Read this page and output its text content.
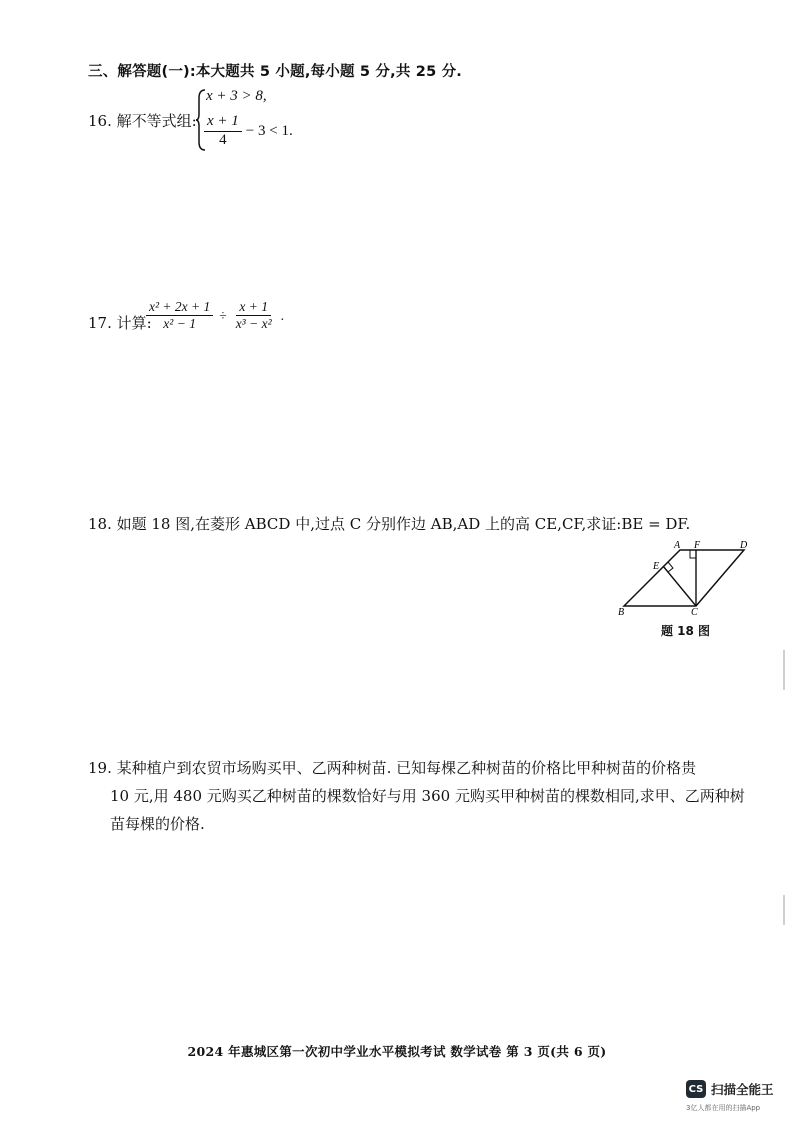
三、解答题(一):本大题共 5 小题,每小题 5 分,共 25 分.
16. 解不等式组:
x + 3 > 8,
$\frac{x + 1}{4} - 3 < 1$.
17. 计算:
$\frac{\text{x² + 2x + 1}}{\text{x² − 1}} \div \frac{x + 1}{\text{x³ − x²}}$ .
18. 如题 18 图,在菱形 ABCD 中,过点 C 分别作边 AB,AD 上的高 CE,CF,求证:BE = DF.
A F	D
E
B	C
题 18 图
19. 某种植户到农贸市场购买甲、乙两种树苗. 已知每棵乙种树苗的价格比甲种树苗的价格贵
10 元,用 480 元购买乙种树苗的棵数恰好与用 360 元购买甲种树苗的棵数相同,求甲、乙两种树
苗每棵的价格.
2024 年惠城区第一次初中学业水平模拟考试 数学试卷 第 3 页(共 6 页)
CS 扫描全能王
3亿人都在用的扫描App
